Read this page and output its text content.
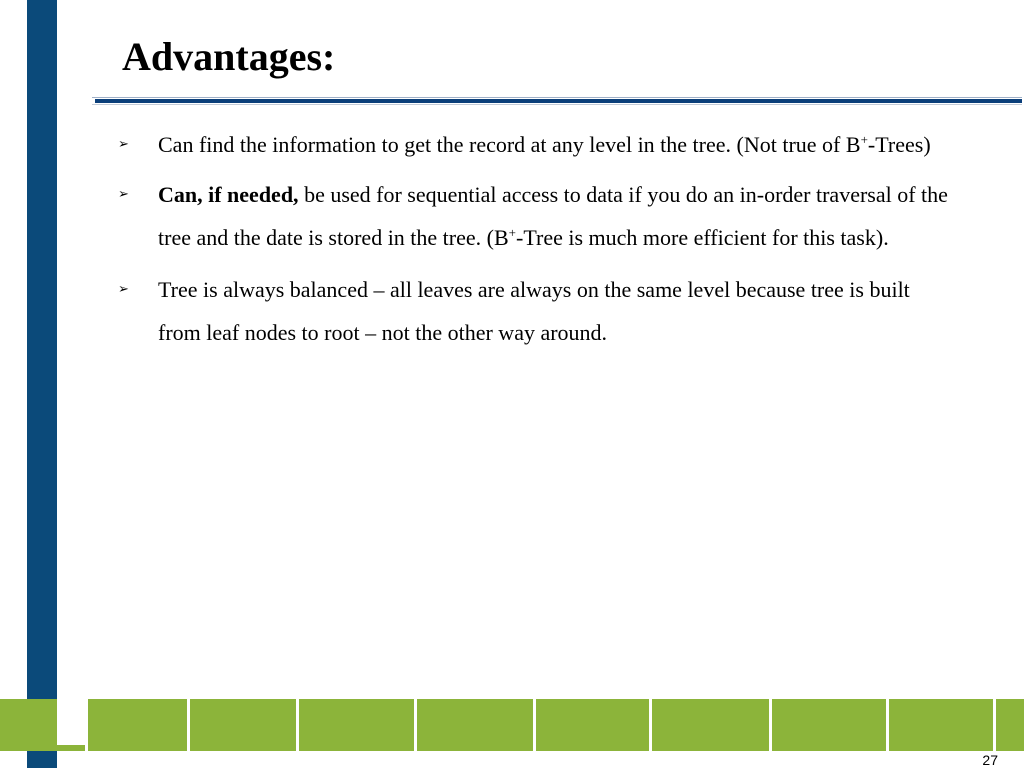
Advantages:
➢ Can find the information to get the record at any level in the tree. (Not true of B+-Trees)
➢ Can, if needed, be used for sequential access to data if you do an in-order traversal of the tree and the date is stored in the tree. (B+-Tree is much more efficient for this task).
➢ Tree is always balanced – all leaves are always on the same level because tree is built from leaf nodes to root – not the other way around.
27
